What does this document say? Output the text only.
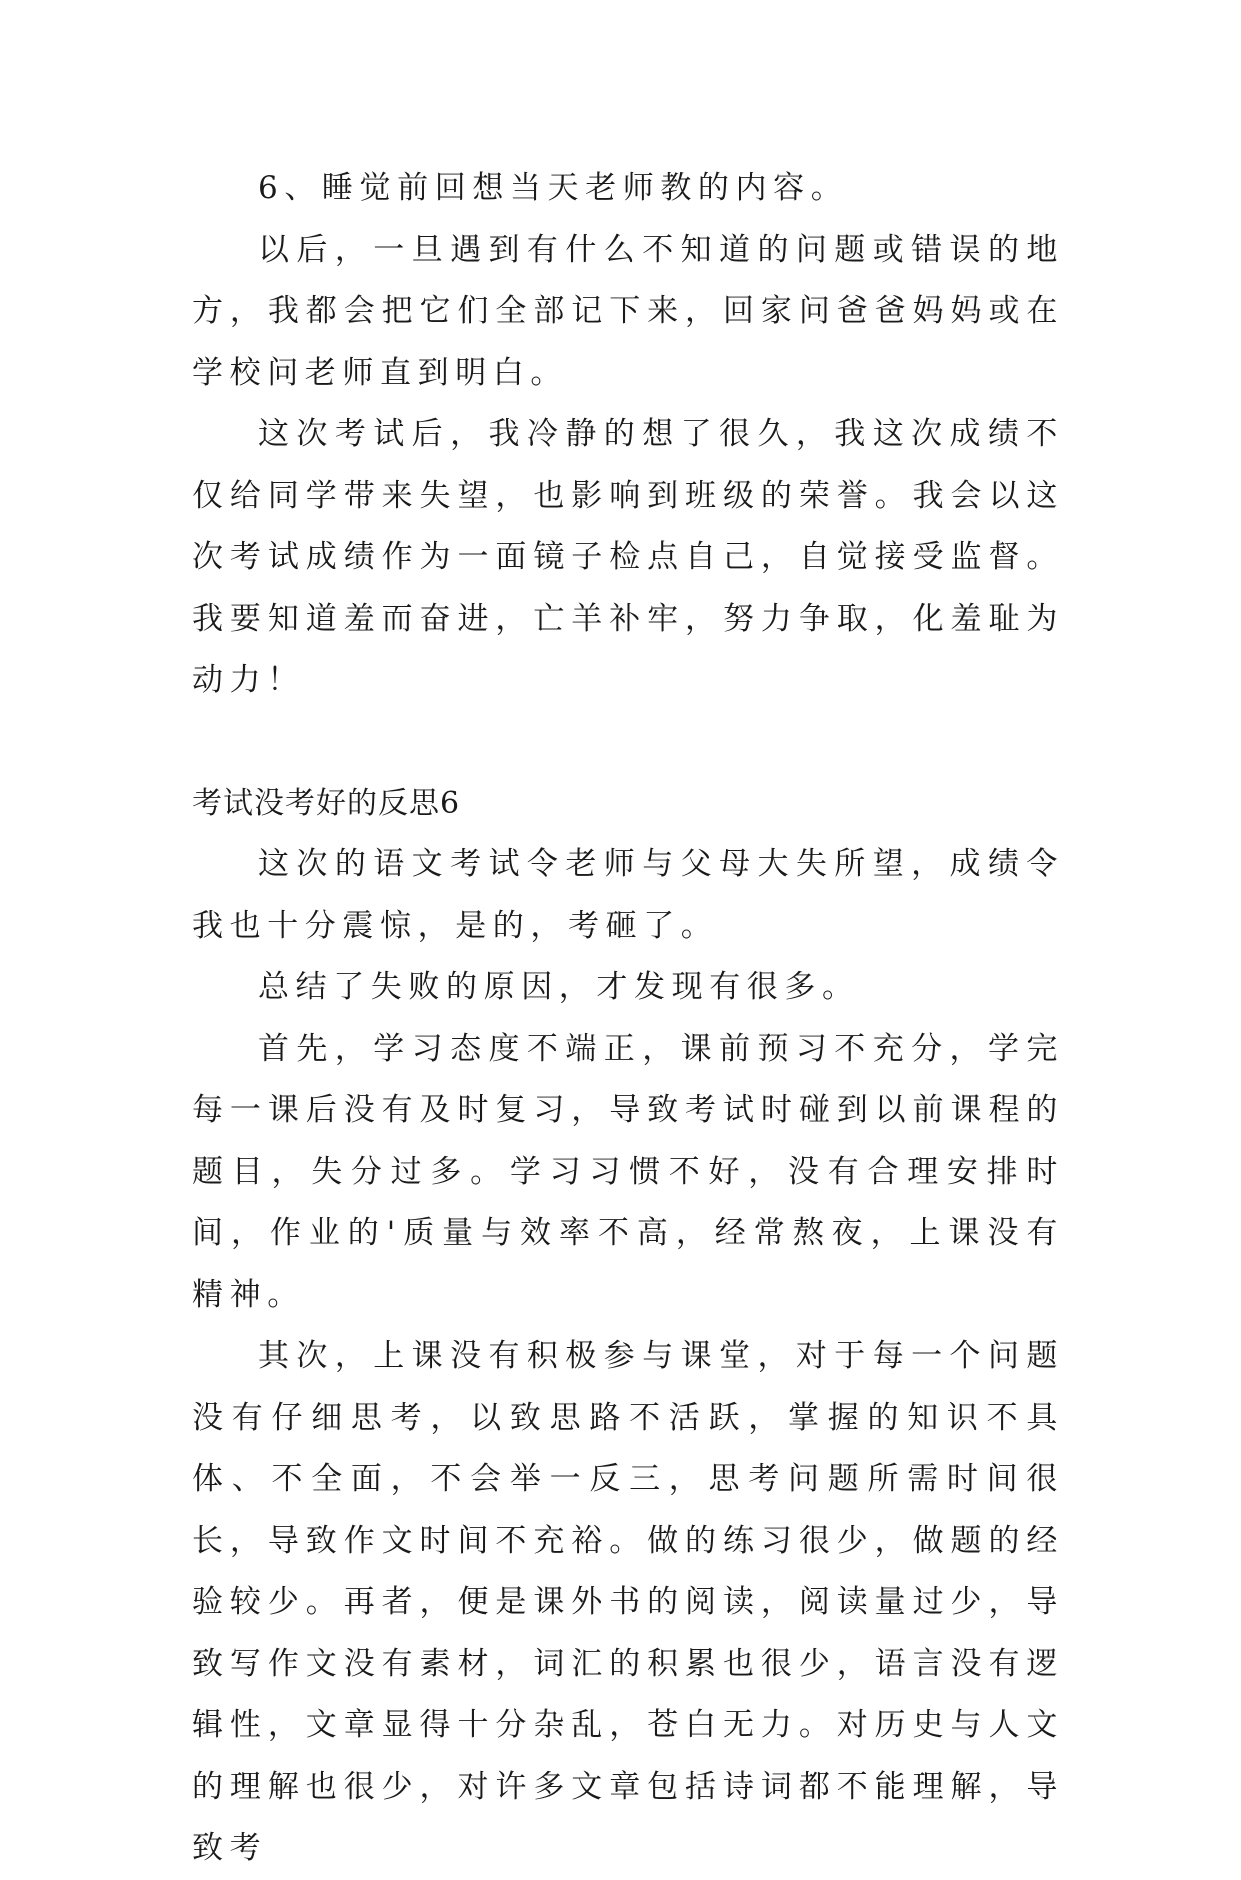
6、睡觉前回想当天老师教的内容。

以后，一旦遇到有什么不知道的问题或错误的地方，我都会把它们全部记下来，回家问爸爸妈妈或在学校问老师直到明白。

这次考试后，我冷静的想了很久，我这次成绩不仅给同学带来失望，也影响到班级的荣誉。我会以这次考试成绩作为一面镜子检点自己，自觉接受监督。我要知道羞而奋进，亡羊补牢，努力争取，化羞耻为动力！

考试没考好的反思6

这次的语文考试令老师与父母大失所望，成绩令我也十分震惊，是的，考砸了。

总结了失败的原因，才发现有很多。

首先，学习态度不端正，课前预习不充分，学完每一课后没有及时复习，导致考试时碰到以前课程的题目，失分过多。学习习惯不好，没有合理安排时间，作业的'质量与效率不高，经常熬夜，上课没有精神。

其次，上课没有积极参与课堂，对于每一个问题没有仔细思考，以致思路不活跃，掌握的知识不具体、不全面，不会举一反三，思考问题所需时间很长，导致作文时间不充裕。做的练习很少，做题的经验较少。再者，便是课外书的阅读，阅读量过少，导致写作文没有素材，词汇的积累也很少，语言没有逻辑性，文章显得十分杂乱，苍白无力。对历史与人文的理解也很少，对许多文章包括诗词都不能理解，导致考
